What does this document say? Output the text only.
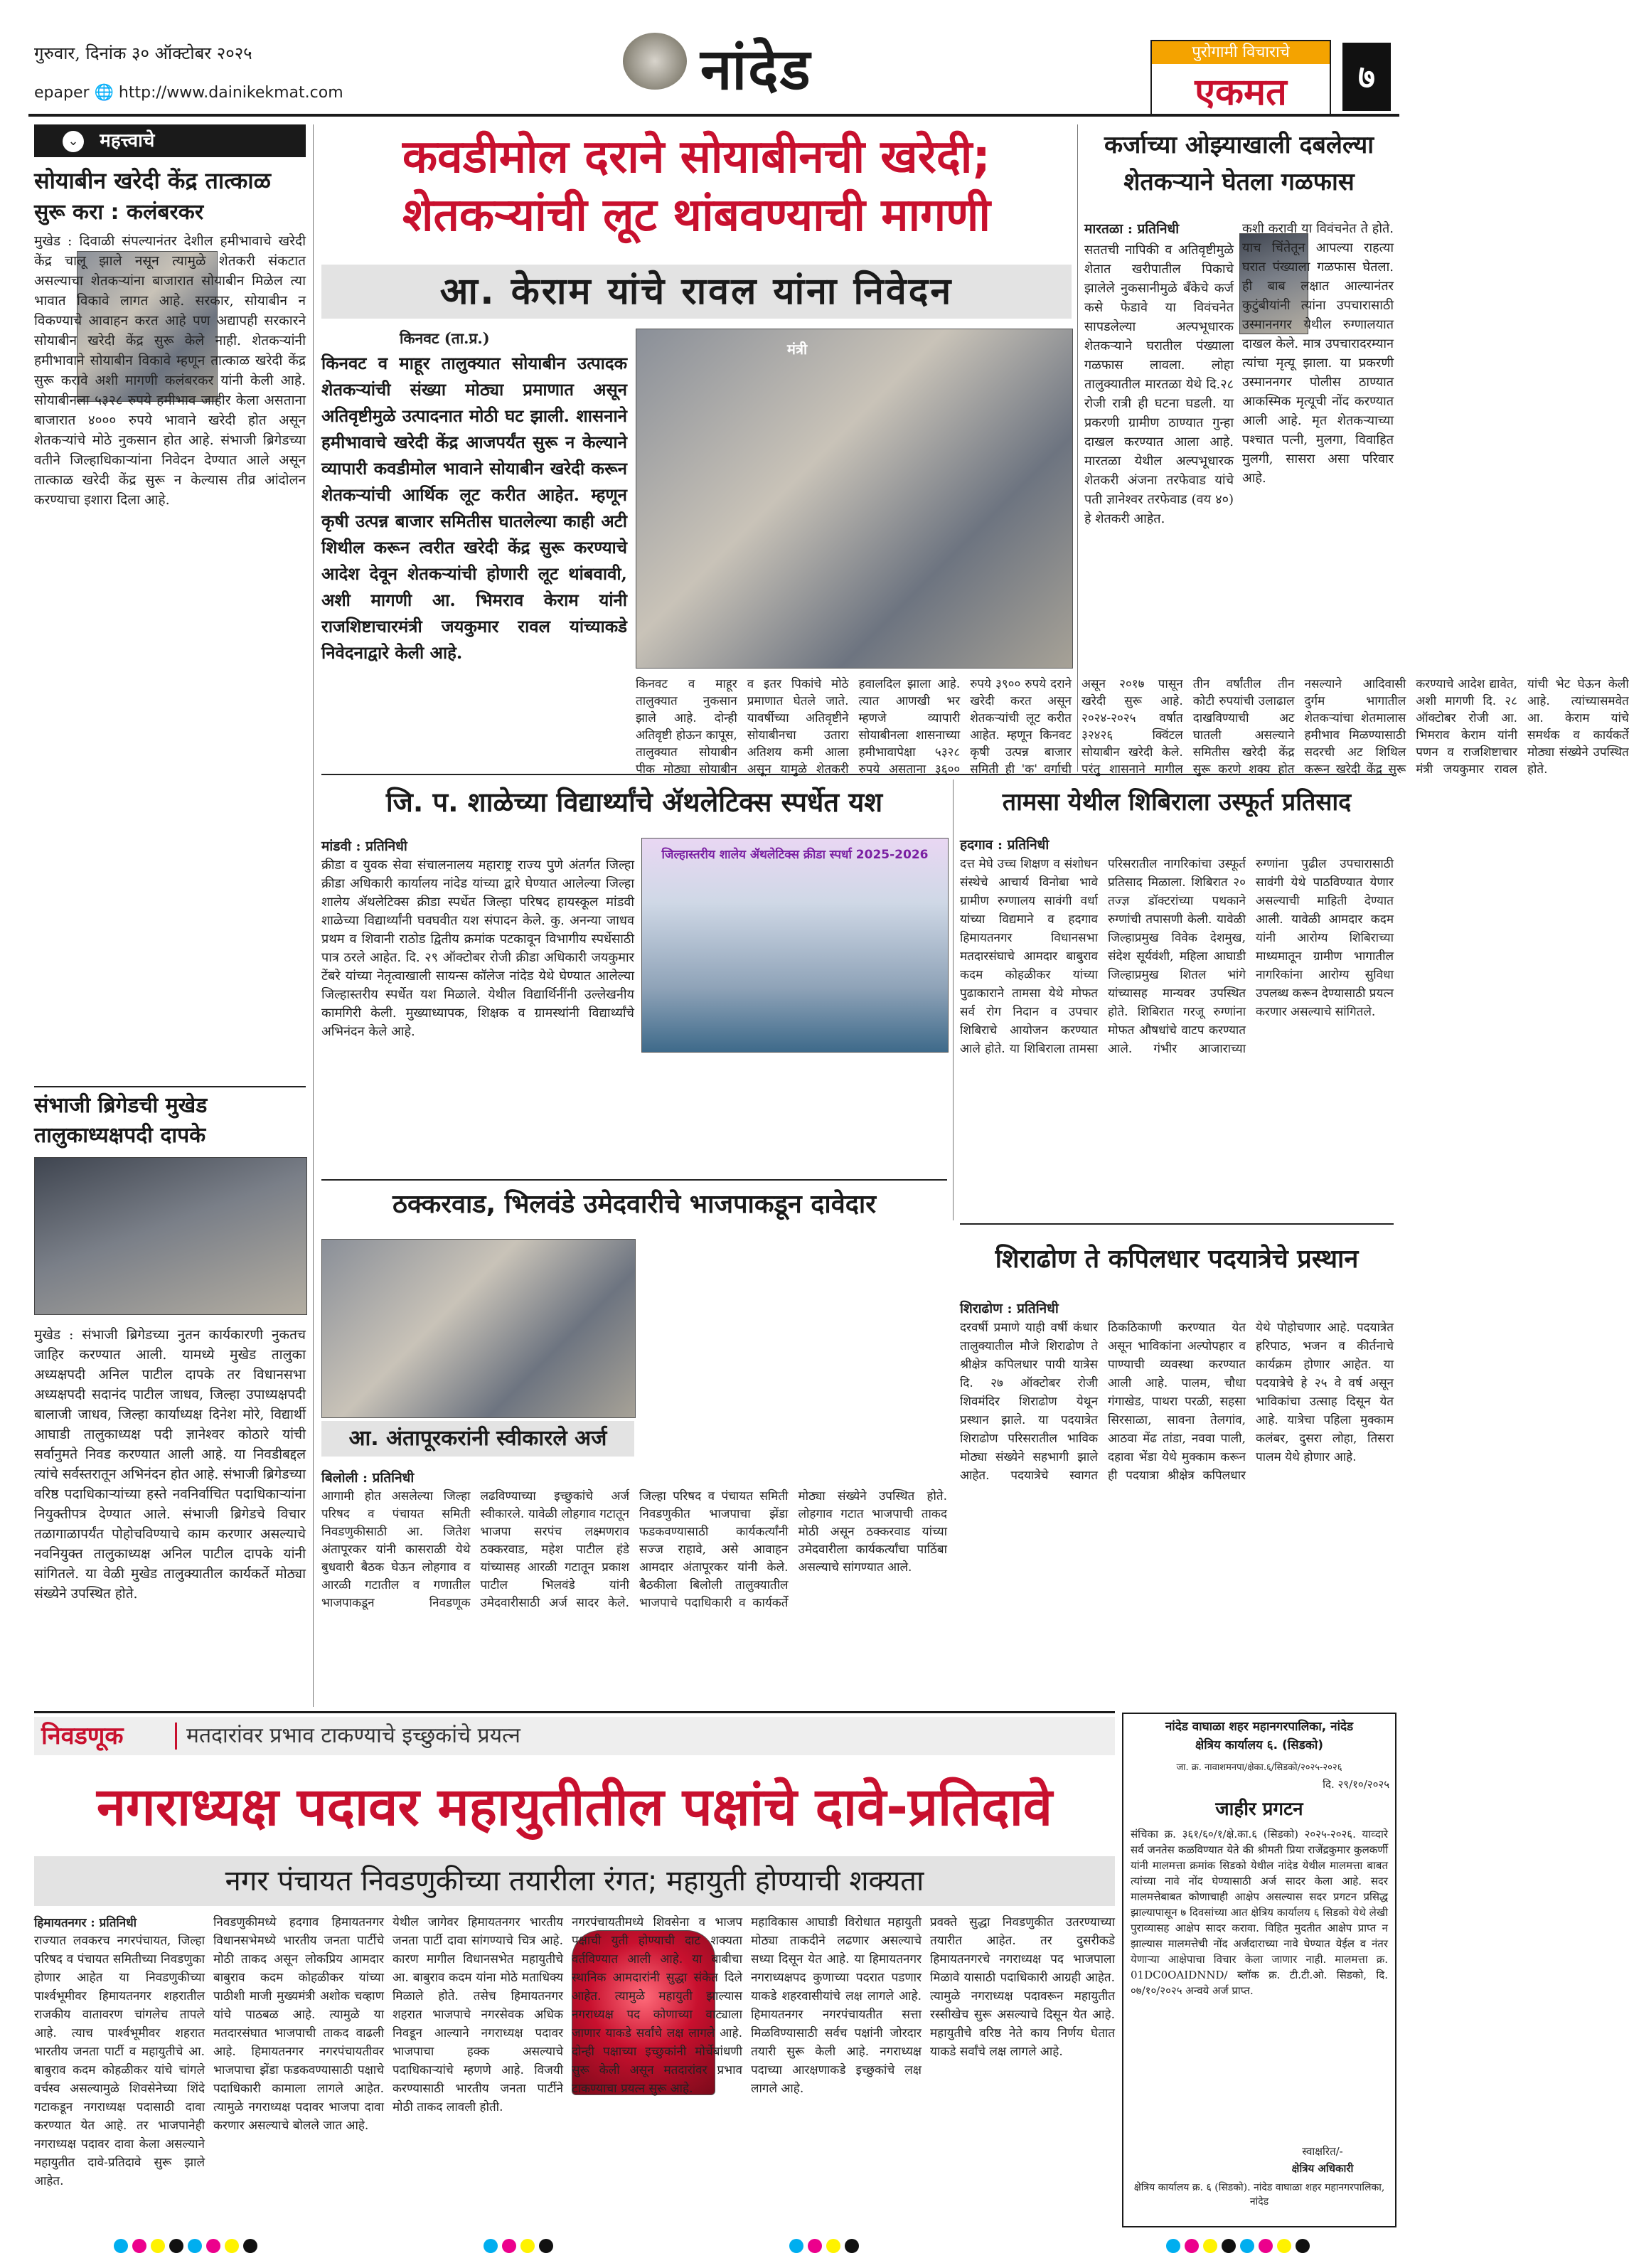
गुरुवार, दिनांक ३० ऑक्टोबर २०२५
epaper 🌐 http://www.dainikekmat.com	नांदेड	पुरोगामी विचाराचे
एकमत	७
⌄ महत्त्वाचे
सोयाबीन खरेदी केंद्र तात्काळ
सुरू करा : कलंबरकर
मुखेड : दिवाळी संपल्यानंतर देशील हमीभावाचे खरेदी केंद्र चालू झाले नसून त्यामुळे शेतकरी संकटात असल्याचा शेतकऱ्यांना बाजारात सोयाबीन मिळेल त्या भावात विकावे लागत आहे. सरकार, सोयाबीन न विकण्याचे आवाहन करत आहे पण अद्यापही सरकारने सोयाबीन खरेदी केंद्र सुरू केले नाही. शेतकऱ्यांनी हमीभावाने सोयाबीन विकावे म्हणून तात्काळ खरेदी केंद्र सुरू करावे अशी मागणी कलंबरकर यांनी केली आहे. सोयाबीनला ५३२८ रुपये हमीभाव जाहीर केला असताना बाजारात ४००० रुपये भावाने खरेदी होत असून शेतकऱ्यांचे मोठे नुकसान होत आहे. संभाजी ब्रिगेडच्या वतीने जिल्हाधिकाऱ्यांना निवेदन देण्यात आले असून तात्काळ खरेदी केंद्र सुरू न केल्यास तीव्र आंदोलन करण्याचा इशारा दिला आहे.
संभाजी ब्रिगेडची मुखेड
तालुकाध्यक्षपदी दापके
मुखेड : संभाजी ब्रिगेडच्या नुतन कार्यकारणी नुकतच जाहिर करण्यात आली. यामध्ये मुखेड तालुका अध्यक्षपदी अनिल पाटील दापके तर विधानसभा अध्यक्षपदी सदानंद पाटील जाधव, जिल्हा उपाध्यक्षपदी बालाजी जाधव, जिल्हा कार्याध्यक्ष दिनेश मोरे, विद्यार्थी आघाडी तालुकाध्यक्ष पदी ज्ञानेश्वर कोठारे यांची सर्वानुमते निवड करण्यात आली आहे. या निवडीबद्दल त्यांचे सर्वस्तरातून अभिनंदन होत आहे. संभाजी ब्रिगेडच्या वरिष्ठ पदाधिकाऱ्यांच्या हस्ते नवनिर्वाचित पदाधिकाऱ्यांना नियुक्तीपत्र देण्यात आले. संभाजी ब्रिगेडचे विचार तळागाळापर्यंत पोहोचविण्याचे काम करणार असल्याचे नवनियुक्त तालुकाध्यक्ष अनिल पाटील दापके यांनी सांगितले. या वेळी मुखेड तालुक्यातील कार्यकर्ते मोठ्या संख्येने उपस्थित होते.
कवडीमोल दराने सोयाबीनची खरेदी;
शेतकऱ्यांची लूट थांबवण्याची मागणी
आ. केराम यांचे रावल यांना निवेदन
किनवट (ता.प्र.)
किनवट व माहूर तालुक्यात सोयाबीन उत्पादक शेतकऱ्यांची संख्या मोठ्या प्रमाणात असून अतिवृष्टीमुळे उत्पादनात मोठी घट झाली. शासनाने हमीभावाचे खरेदी केंद्र आजपर्यंत सुरू न केल्याने व्यापारी कवडीमोल भावाने सोयाबीन खरेदी करून शेतकऱ्यांची आर्थिक लूट करीत आहेत. म्हणून कृषी उत्पन्न बाजार समितीस घातलेल्या काही अटी शिथील करून त्वरीत खरेदी केंद्र सुरू करण्याचे आदेश देवून शेतकऱ्यांची होणारी लूट थांबवावी, अशी मागणी आ. भिमराव केराम यांनी राजशिष्टाचारमंत्री जयकुमार रावल यांच्याकडे निवेदनाद्वारे केली आहे.
मंत्री
किनवट व माहूर तालुक्यात नुकसान झाले आहे. दोन्ही अतिवृष्टी होऊन कापूस, तालुक्यात सोयाबीन पीक मोठ्या सोयाबीन व इतर पिकांचे मोठे प्रमाणात घेतले जाते. यावर्षीच्या अतिवृष्टीने सोयाबीनचा उतारा अतिशय कमी आला असून यामुळे शेतकरी हवालदिल झाला आहे. त्यात आणखी भर म्हणजे व्यापारी सोयाबीनला शासनाच्या हमीभावापेक्षा ५३२८ रुपये असताना ३६०० रुपये ३९०० रुपये दराने खरेदी करत असून शेतकऱ्यांची लूट करीत आहेत. म्हणून किनवट कृषी उत्पन्न बाजार समिती ही 'क' वर्गाची असून २०१७ पासून खरेदी सुरू आहे. २०२४-२०२५ वर्षात ३२४२६ क्विंटल सोयाबीन खरेदी केले. परंतु शासनाने मागील तीन वर्षांतील तीन कोटी रुपयांची उलाढाल दाखविण्याची अट घातली असल्याने समितीस खरेदी केंद्र सुरू करणे शक्य होत नसल्याने आदिवासी दुर्गम भागातील शेतकऱ्यांचा शेतमालास हमीभाव मिळण्यासाठी सदरची अट शिथिल करून खरेदी केंद्र सुरू करण्याचे आदेश द्यावेत, अशी मागणी दि. २८ ऑक्टोबर रोजी आ. भिमराव केराम यांनी पणन व राजशिष्टाचार मंत्री जयकुमार रावल यांची भेट घेऊन केली आहे. त्यांच्यासमवेत आ. केराम यांचे समर्थक व कार्यकर्ते मोठ्या संख्येने उपस्थित होते.
कर्जाच्या ओझ्याखाली दबलेल्या शेतकऱ्याने घेतला गळफास
मारतळा : प्रतिनिधी
सततची नापिकी व अतिवृष्टीमुळे शेतात खरीपातील पिकाचे झालेले नुकसानीमुळे बँकेचे कर्ज कसे फेडावे या विवंचनेत सापडलेल्या अल्पभूधारक शेतकऱ्याने घरातील पंख्याला गळफास लावला. लोहा तालुक्यातील मारतळा येथे दि.२८ रोजी रात्री ही घटना घडली. या प्रकरणी ग्रामीण ठाण्यात गुन्हा दाखल करण्यात आला आहे. मारतळा येथील अल्पभूधारक शेतकरी अंजना तरफेवाड यांचे पती ज्ञानेश्वर तरफेवाड (वय ४०) हे शेतकरी आहेत.
कशी करावी या विवंचनेत ते होते. याच चिंतेतून आपल्या राहत्या घरात पंख्याला गळफास घेतला. ही बाब लक्षात आल्यानंतर कुटुंबीयांनी त्यांना उपचारासाठी उस्माननगर येथील रुग्णालयात दाखल केले. मात्र उपचारादरम्यान त्यांचा मृत्यू झाला. या प्रकरणी उस्माननगर पोलीस ठाण्यात आकस्मिक मृत्यूची नोंद करण्यात आली आहे. मृत शेतकऱ्याच्या पश्चात पत्नी, मुलगा, विवाहित मुलगी, सासरा असा परिवार आहे.
जि. प. शाळेच्या विद्यार्थ्यांचे ॲथलेटिक्स स्पर्धेत यश
मांडवी : प्रतिनिधी
क्रीडा व युवक सेवा संचालनालय महाराष्ट्र राज्य पुणे अंतर्गत जिल्हा क्रीडा अधिकारी कार्यालय नांदेड यांच्या द्वारे घेण्यात आलेल्या जिल्हा शालेय ॲथलेटिक्स क्रीडा स्पर्धेत जिल्हा परिषद हायस्कूल मांडवी शाळेच्या विद्यार्थ्यांनी घवघवीत यश संपादन केले. कु. अनन्या जाधव प्रथम व शिवानी राठोड द्वितीय क्रमांक पटकावून विभागीय स्पर्धेसाठी पात्र ठरले आहेत. दि. २९ ऑक्टोबर रोजी क्रीडा अधिकारी जयकुमार टेंबरे यांच्या नेतृत्वाखाली सायन्स कॉलेज नांदेड येथे घेण्यात आलेल्या जिल्हास्तरीय स्पर्धेत यश मिळाले. येथील विद्यार्थिनींनी उल्लेखनीय कामगिरी केली. मुख्याध्यापक, शिक्षक व ग्रामस्थांनी विद्यार्थ्यांचे अभिनंदन केले आहे.
जिल्हास्तरीय शालेय ॲथलेटिक्स क्रीडा स्पर्धा 2025-2026
तामसा येथील शिबिराला उस्फूर्त प्रतिसाद
हदगाव : प्रतिनिधी
दत्त मेघे उच्च शिक्षण व संशोधन संस्थेचे आचार्य विनोबा भावे ग्रामीण रुग्णालय सावंगी वर्धा यांच्या विद्यमाने व हदगाव हिमायतनगर विधानसभा मतदारसंघाचे आमदार बाबुराव कदम कोहळीकर यांच्या पुढाकाराने तामसा येथे मोफत सर्व रोग निदान व उपचार शिबिराचे आयोजन करण्यात आले होते. या शिबिराला तामसा परिसरातील नागरिकांचा उस्फूर्त प्रतिसाद मिळाला. शिबिरात २० तज्ज्ञ डॉक्टरांच्या पथकाने रुग्णांची तपासणी केली. यावेळी जिल्हाप्रमुख विवेक देशमुख, संदेश सूर्यवंशी, महिला आघाडी जिल्हाप्रमुख शितल भांगे यांच्यासह मान्यवर उपस्थित होते. शिबिरात गरजू रुग्णांना मोफत औषधांचे वाटप करण्यात आले. गंभीर आजाराच्या रुग्णांना पुढील उपचारासाठी सावंगी येथे पाठविण्यात येणार असल्याची माहिती देण्यात आली. यावेळी आमदार कदम यांनी आरोग्य शिबिराच्या माध्यमातून ग्रामीण भागातील नागरिकांना आरोग्य सुविधा उपलब्ध करून देण्यासाठी प्रयत्न करणार असल्याचे सांगितले.
ठक्करवाड, भिलवंडे उमेदवारीचे भाजपाकडून दावेदार
आ. अंतापूरकरांनी स्वीकारले अर्ज
बिलोली : प्रतिनिधी
आगामी होत असलेल्या जिल्हा परिषद व पंचायत समिती निवडणुकीसाठी आ. जितेश अंतापूरकर यांनी कासराळी येथे बुधवारी बैठक घेऊन लोहगाव व आरळी गटातील व गणातील भाजपाकडून निवडणूक लढविण्याच्या इच्छुकांचे अर्ज स्वीकारले. यावेळी लोहगाव गटातून भाजपा सरपंच लक्ष्मणराव ठक्करवाड, महेश पाटील हंडे यांच्यासह आरळी गटातून प्रकाश पाटील भिलवंडे यांनी उमेदवारीसाठी अर्ज सादर केले. जिल्हा परिषद व पंचायत समिती निवडणुकीत भाजपाचा झेंडा फडकवण्यासाठी कार्यकर्त्यांनी सज्ज राहावे, असे आवाहन आमदार अंतापूरकर यांनी केले. बैठकीला बिलोली तालुक्यातील भाजपाचे पदाधिकारी व कार्यकर्ते मोठ्या संख्येने उपस्थित होते. लोहगाव गटात भाजपाची ताकद मोठी असून ठक्करवाड यांच्या उमेदवारीला कार्यकर्त्यांचा पाठिंबा असल्याचे सांगण्यात आले.
शिराढोण ते कपिलधार पदयात्रेचे प्रस्थान
शिराढोण : प्रतिनिधी
दरवर्षी प्रमाणे याही वर्षी कंधार तालुक्यातील मौजे शिराढोण ते श्रीक्षेत्र कपिलधार पायी यात्रेस दि. २७ ऑक्टोबर रोजी शिवमंदिर शिराढोण येथून प्रस्थान झाले. या पदयात्रेत शिराढोण परिसरातील भाविक मोठ्या संख्येने सहभागी झाले आहेत. पदयात्रेचे स्वागत ठिकठिकाणी करण्यात येत असून भाविकांना अल्पोपहार व पाण्याची व्यवस्था करण्यात आली आहे. पालम, चौधा गंगाखेड, पाथरा परळी, सहसा सिरसाळा, सावना तेलगांव, आठवा मेंढ तांडा, नववा पाली, दहावा भेंडा येथे मुक्काम करून ही पदयात्रा श्रीक्षेत्र कपिलधार येथे पोहोचणार आहे. पदयात्रेत हरिपाठ, भजन व कीर्तनाचे कार्यक्रम होणार आहेत. या पदयात्रेचे हे २५ वे वर्ष असून भाविकांचा उत्साह दिसून येत आहे. यात्रेचा पहिला मुक्काम कलंबर, दुसरा लोहा, तिसरा पालम येथे होणार आहे.
निवडणूक	मतदारांवर प्रभाव टाकण्याचे इच्छुकांचे प्रयत्न
नगराध्यक्ष पदावर महायुतीतील पक्षांचे दावे-प्रतिदावे
नगर पंचायत निवडणुकीच्या तयारीला रंगत; महायुती होण्याची शक्यता
हिमायतनगर : प्रतिनिधी
राज्यात लवकरच नगरपंचायत, जिल्हा परिषद व पंचायत समितीच्या निवडणुका होणार आहेत या निवडणुकीच्या पार्श्वभूमीवर हिमायतनगर शहरातील राजकीय वातावरण चांगलेच तापले आहे. त्याच पार्श्वभूमीवर शहरात भारतीय जनता पार्टी व महायुतीचे आ. बाबुराव कदम कोहळीकर यांचे चांगले वर्चस्व असल्यामुळे शिवसेनेच्या शिंदे गटाकडून नगराध्यक्ष पदासाठी दावा करण्यात येत आहे. तर भाजपानेही नगराध्यक्ष पदावर दावा केला असल्याने महायुतीत दावे-प्रतिदावे सुरू झाले आहेत.
निवडणुकीमध्ये हदगाव हिमायतनगर विधानसभेमध्ये भारतीय जनता पार्टीचे मोठी ताकद असून लोकप्रिय आमदार बाबुराव कदम कोहळीकर यांच्या पाठीशी माजी मुख्यमंत्री अशोक चव्हाण यांचे पाठबळ आहे. त्यामुळे या मतदारसंघात भाजपाची ताकद वाढली आहे. हिमायतनगर नगरपंचायतीवर भाजपाचा झेंडा फडकवण्यासाठी पक्षाचे पदाधिकारी कामाला लागले आहेत. त्यामुळे नगराध्यक्ष पदावर भाजपा दावा करणार असल्याचे बोलले जात आहे.
येथील जागेवर हिमायतनगर भारतीय जनता पार्टी दावा सांगण्याचे चित्र आहे. कारण मागील विधानसभेत महायुतीचे आ. बाबुराव कदम यांना मोठे मताधिक्य मिळाले होते. तसेच हिमायतनगर शहरात भाजपाचे नगरसेवक अधिक निवडून आल्याने नगराध्यक्ष पदावर भाजपाचा हक्क असल्याचे पदाधिकाऱ्यांचे म्हणणे आहे. विजयी करण्यासाठी भारतीय जनता पार्टीने मोठी ताकद लावली होती.
नगरपंचायतीमध्ये शिवसेना व भाजप पक्षाची युती होण्याची दाट शक्यता वर्तविण्यात आली आहे. या बाबीचा स्थानिक आमदारांनी सुद्धा संकेत दिले आहेत. त्यामुळे महायुती झाल्यास नगराध्यक्ष पद कोणाच्या वाट्याला जाणार याकडे सर्वांचे लक्ष लागले आहे. दोन्ही पक्षाच्या इच्छुकांनी मोर्चेबांधणी सुरू केली असून मतदारांवर प्रभाव टाकण्याचा प्रयत्न सुरू आहे.
महाविकास आघाडी विरोधात महायुती मोठ्या ताकदीने लढणार असल्याचे सध्या दिसून येत आहे. या हिमायतनगर नगराध्यक्षपद कुणाच्या पदरात पडणार याकडे शहरवासीयांचे लक्ष लागले आहे. हिमायतनगर नगरपंचायतीत सत्ता मिळविण्यासाठी सर्वच पक्षांनी जोरदार तयारी सुरू केली आहे. नगराध्यक्ष पदाच्या आरक्षणाकडे इच्छुकांचे लक्ष लागले आहे.
प्रवक्ते सुद्धा निवडणुकीत उतरण्याच्या तयारीत आहेत. तर दुसरीकडे हिमायतनगरचे नगराध्यक्ष पद भाजपाला मिळावे यासाठी पदाधिकारी आग्रही आहेत. त्यामुळे नगराध्यक्ष पदावरून महायुतीत रस्सीखेच सुरू असल्याचे दिसून येत आहे. महायुतीचे वरिष्ठ नेते काय निर्णय घेतात याकडे सर्वांचे लक्ष लागले आहे.
नांदेड वाघाळा शहर महानगरपालिका, नांदेड
क्षेत्रिय कार्यालय ६. (सिडको)
जा. क्र. नावाशमनपा/क्षेका.६/सिडको/२०२५-२०२६
दि. २९/१०/२०२५
जाहीर प्रगटन
संचिका क्र. ३६१/६०/१/क्षे.का.६ (सिडको) २०२५-२०२६. याव्दारे सर्व जनतेस कळविण्यात येते की श्रीमती प्रिया राजेंद्रकुमार कुलकर्णी यांनी मालमत्ता क्रमांक सिडको येथील नांदेड येथील मालमत्ता बाबत त्यांच्या नावे नोंद घेण्यासाठी अर्ज सादर केला आहे. सदर मालमत्तेबाबत कोणाचाही आक्षेप असल्यास सदर प्रगटन प्रसिद्ध झाल्यापासून ७ दिवसांच्या आत क्षेत्रिय कार्यालय ६ सिडको येथे लेखी पुराव्यासह आक्षेप सादर करावा. विहित मुदतीत आक्षेप प्राप्त न झाल्यास मालमत्तेची नोंद अर्जदाराच्या नावे घेण्यात येईल व नंतर येणाऱ्या आक्षेपाचा विचार केला जाणार नाही. मालमत्ता क्र. 01DC0OAIDNND/ ब्लॉक क्र. टी.टी.ओ. सिडको, दि. ०७/१०/२०२५ अन्वये अर्ज प्राप्त.
स्वाक्षरित/-
क्षेत्रिय अधिकारी
क्षेत्रिय कार्यालय क्र. ६ (सिडको). नांदेड वाघाळा शहर महानगरपालिका, नांदेड
